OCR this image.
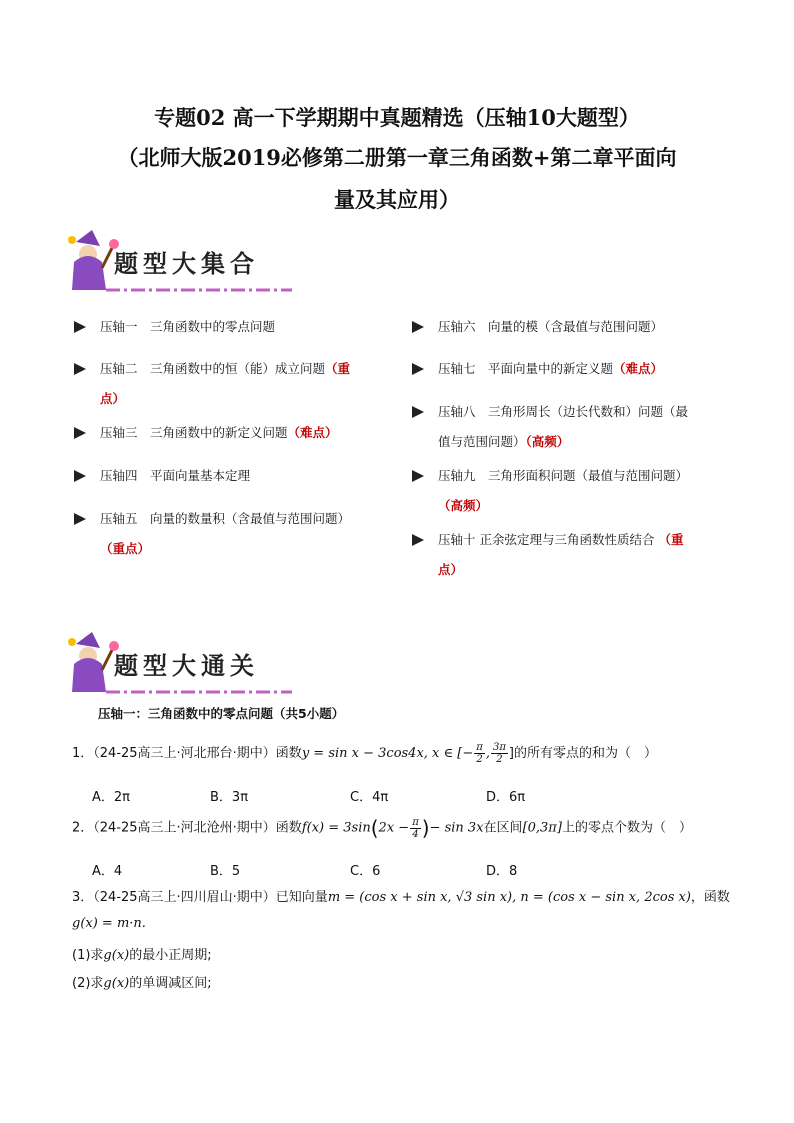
专题02 高一下学期期中真题精选（压轴10大题型）
（北师大版2019必修第二册第一章三角函数+第二章平面向
量及其应用）
题型大集合
压轴一　三角函数中的零点问题
压轴二　三角函数中的恒（能）成立问题（重
点）
压轴三　三角函数中的新定义问题（难点）
压轴四　平面向量基本定理
压轴五　向量的数量积（含最值与范围问题）
（重点）
压轴六　向量的模（含最值与范围问题）
压轴七　平面向量中的新定义题（难点）
压轴八　三角形周长（边长代数和）问题（最
值与范围问题）（高频）
压轴九　三角形面积问题（最值与范围问题）
（高频）
压轴十 正余弦定理与三角函数性质结合 （重
点）
题型大通关
压轴一：三角函数中的零点问题（共5小题）
1．（24-25高三上·河北邢台·期中）函数y = sin x − 3cos4x, x ∈ [− $\frac{\pi}{2}$ , $\frac{3\pi}{2}$ ]的所有零点的和为（　）
A．2π	B．3π	C．4π	D．6π
2．（24-25高三上·河北沧州·期中）函数$f(x) = 3\sin(2x - \frac{\pi}{4}$ )− sin 3x在区间[0,3π]上的零点个数为（　）
A．4	B．5	C．6	D．8
3．（24-25高三上·四川眉山·期中）已知向量m = (cos x + sin x, √3 sin x), n = (cos x − sin x, 2cos x)，函数
g(x) = m·n.
(1)求g(x)的最小正周期;
(2)求g(x)的单调减区间;
